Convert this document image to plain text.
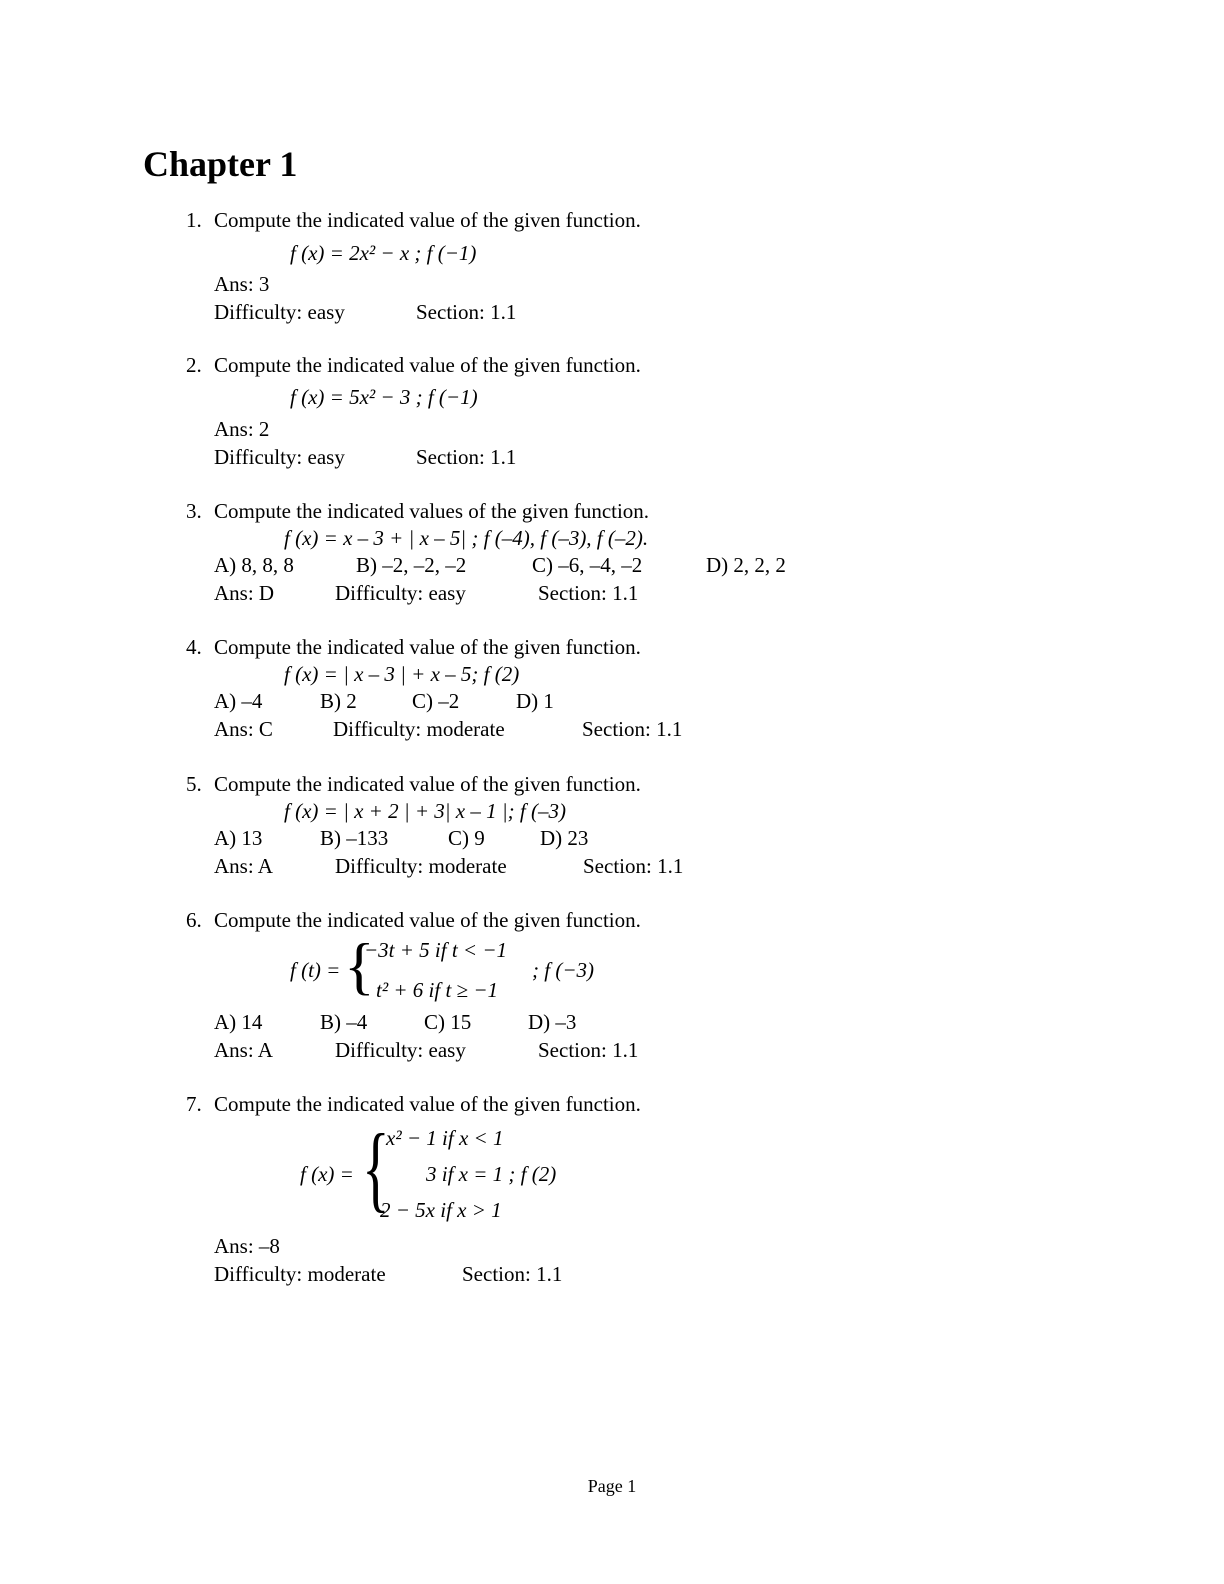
Chapter 1
1. Compute the indicated value of the given function.
f (x) = 2x² − x ; f (−1)
Ans: 3
Difficulty: easy	Section: 1.1
2. Compute the indicated value of the given function.
f (x) = 5x² − 3 ; f (−1)
Ans: 2
Difficulty: easy	Section: 1.1
3. Compute the indicated values of the given function.
f (x) = x – 3 + | x – 5| ; f (–4), f (–3), f (–2).
A) 8, 8, 8	B) –2, –2, –2	C) –6, –4, –2	D) 2, 2, 2
Ans: D	Difficulty: easy	Section: 1.1
4. Compute the indicated value of the given function.
f (x) = | x – 3 | + x – 5; f (2)
A) –4	B) 2	C) –2	D) 1
Ans: C	Difficulty: moderate	Section: 1.1
5. Compute the indicated value of the given function.
f (x) = | x + 2 | + 3| x – 1 |; f (–3)
A) 13	B) –133	C) 9	D) 23
Ans: A	Difficulty: moderate	Section: 1.1
6. Compute the indicated value of the given function.
f (t) = {
−3t + 5 if t < −1
t² + 6 if t ≥ −1
; f (−3)
A) 14	B) –4	C) 15	D) –3
Ans: A	Difficulty: easy	Section: 1.1
7. Compute the indicated value of the given function.
f (x) = {
x² − 1 if x < 1
3 if x = 1 ; f (2)
2 − 5x if x > 1
Ans: –8
Difficulty: moderate	Section: 1.1
Page 1
